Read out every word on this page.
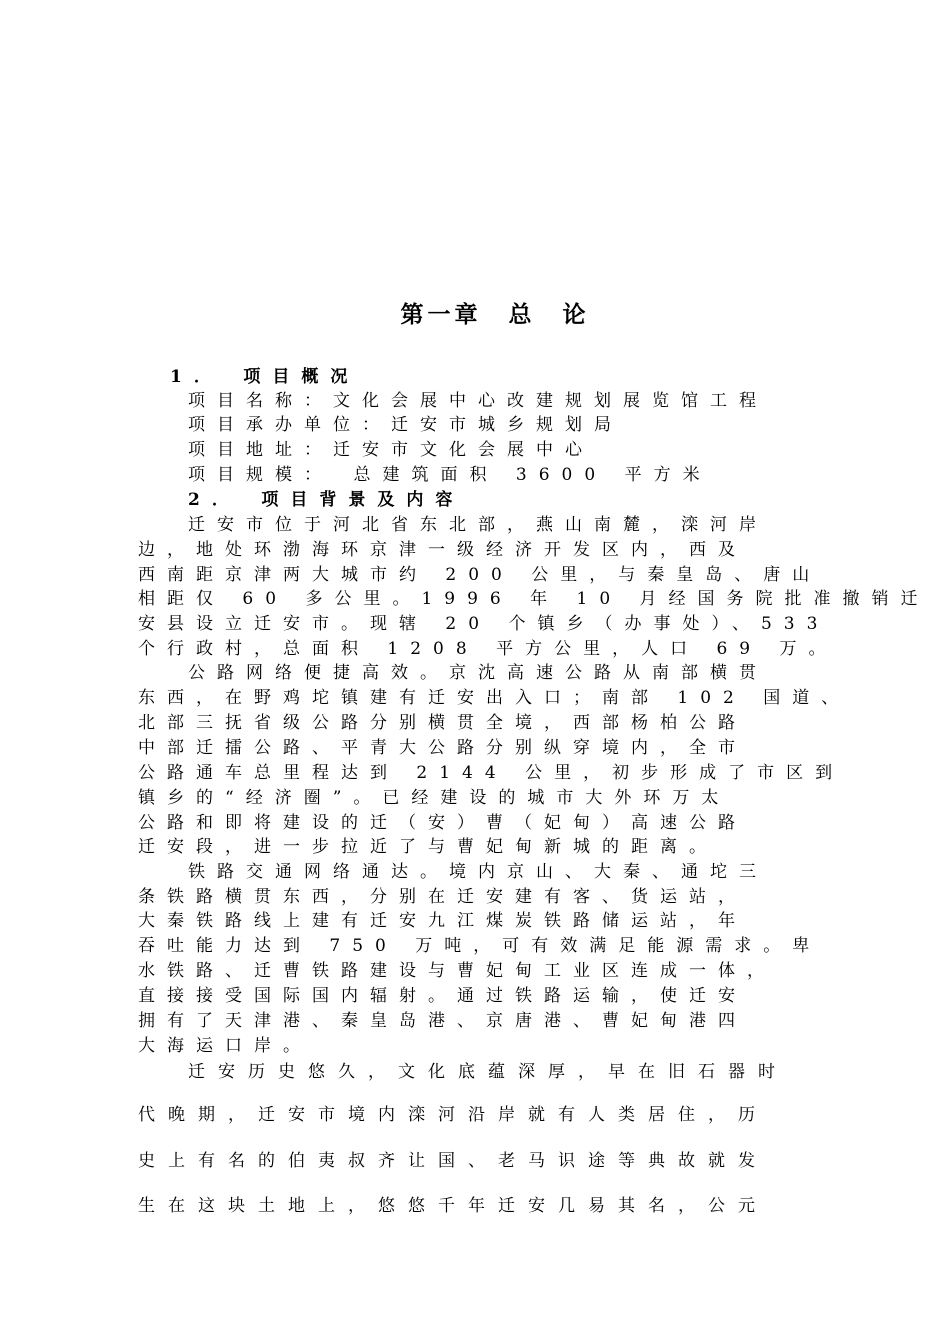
第一章　总　论
1．　项目概况
项目名称：文化会展中心改建规划展览馆工程
项目承办单位：迁安市城乡规划局
项目地址：迁安市文化会展中心
项目规模：　总建筑面积 3600 平方米
2．　项目背景及内容
迁安市位于河北省东北部，燕山南麓，滦河岸
边，地处环渤海环京津一级经济开发区内，西及
西南距京津两大城市约 200 公里，与秦皇岛、唐山
相距仅 60 多公里。1996 年 10 月经国务院批准撤销迁
安县设立迁安市。现辖 20 个镇乡（办事处）、533
个行政村，总面积 1208 平方公里，人口 69 万。
公路网络便捷高效。京沈高速公路从南部横贯
东西，在野鸡坨镇建有迁安出入口；南部 102 国道、
北部三抚省级公路分别横贯全境，西部杨柏公路
中部迁擂公路、平青大公路分别纵穿境内，全市
公路通车总里程达到 2144 公里，初步形成了市区到
镇乡的“经济圈”。已经建设的城市大外环万太
公路和即将建设的迁（安）曹（妃甸）高速公路
迁安段，进一步拉近了与曹妃甸新城的距离。
铁路交通网络通达。境内京山、大秦、通坨三
条铁路横贯东西，分别在迁安建有客、货运站，
大秦铁路线上建有迁安九江煤炭铁路储运站，年
吞吐能力达到 750 万吨，可有效满足能源需求。卑
水铁路、迁曹铁路建设与曹妃甸工业区连成一体，
直接接受国际国内辐射。通过铁路运输，使迁安
拥有了天津港、秦皇岛港、京唐港、曹妃甸港四
大海运口岸。
迁安历史悠久，文化底蕴深厚，早在旧石器时
代晚期，迁安市境内滦河沿岸就有人类居住，历
史上有名的伯夷叔齐让国、老马识途等典故就发
生在这块土地上，悠悠千年迁安几易其名，公元
